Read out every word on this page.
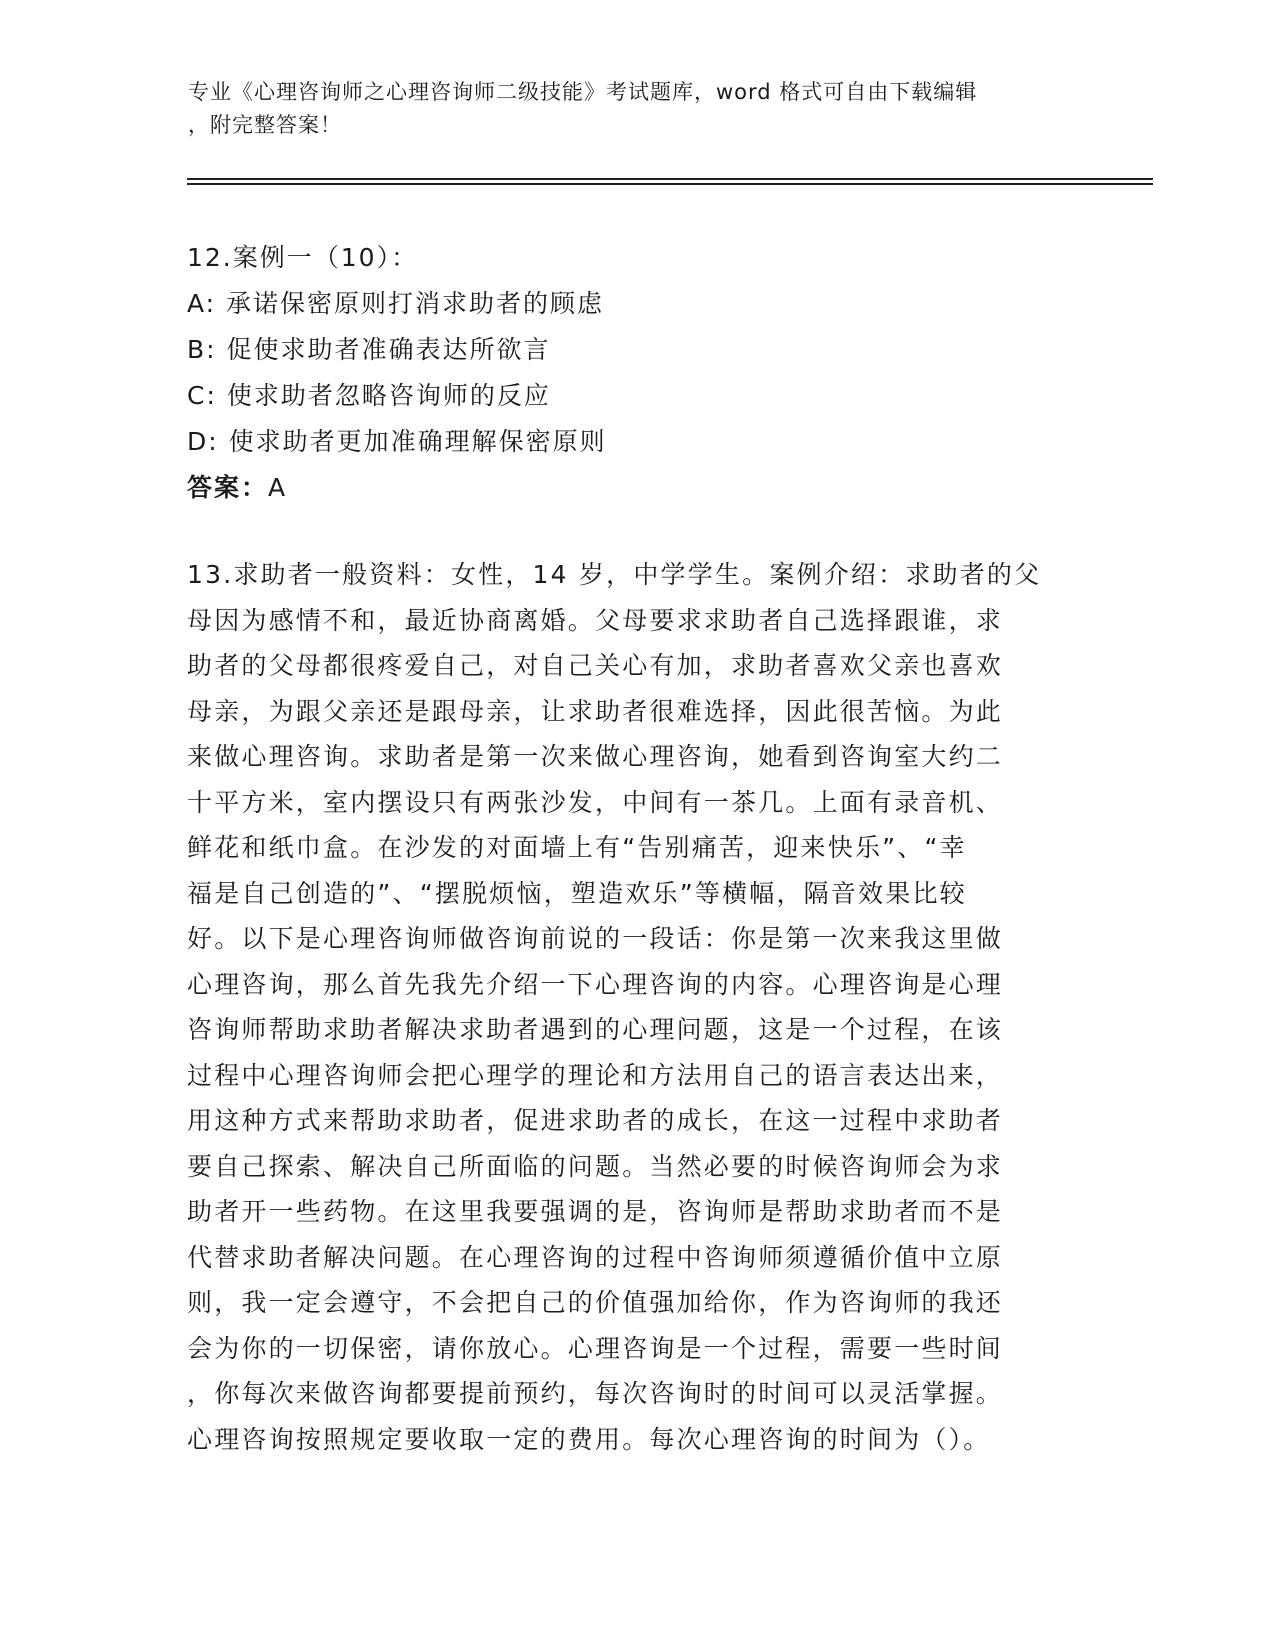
专业《心理咨询师之心理咨询师二级技能》考试题库，word 格式可自由下载编辑
，附完整答案！
12.案例一（10）：
A: 承诺保密原则打消求助者的顾虑
B: 促使求助者准确表达所欲言
C: 使求助者忽略咨询师的反应
D: 使求助者更加准确理解保密原则
答案：A
13.求助者一般资料：女性，14 岁，中学学生。案例介绍：求助者的父
母因为感情不和，最近协商离婚。父母要求求助者自己选择跟谁，求
助者的父母都很疼爱自己，对自己关心有加，求助者喜欢父亲也喜欢
母亲，为跟父亲还是跟母亲，让求助者很难选择，因此很苦恼。为此
来做心理咨询。求助者是第一次来做心理咨询，她看到咨询室大约二
十平方米，室内摆设只有两张沙发，中间有一茶几。上面有录音机、
鲜花和纸巾盒。在沙发的对面墙上有“告别痛苦，迎来快乐”、“幸
福是自己创造的”、“摆脱烦恼，塑造欢乐”等横幅，隔音效果比较
好。以下是心理咨询师做咨询前说的一段话：你是第一次来我这里做
心理咨询，那么首先我先介绍一下心理咨询的内容。心理咨询是心理
咨询师帮助求助者解决求助者遇到的心理问题，这是一个过程，在该
过程中心理咨询师会把心理学的理论和方法用自己的语言表达出来，
用这种方式来帮助求助者，促进求助者的成长，在这一过程中求助者
要自己探索、解决自己所面临的问题。当然必要的时候咨询师会为求
助者开一些药物。在这里我要强调的是，咨询师是帮助求助者而不是
代替求助者解决问题。在心理咨询的过程中咨询师须遵循价值中立原
则，我一定会遵守，不会把自己的价值强加给你，作为咨询师的我还
会为你的一切保密，请你放心。心理咨询是一个过程，需要一些时间
，你每次来做咨询都要提前预约，每次咨询时的时间可以灵活掌握。
心理咨询按照规定要收取一定的费用。每次心理咨询的时间为（）。
